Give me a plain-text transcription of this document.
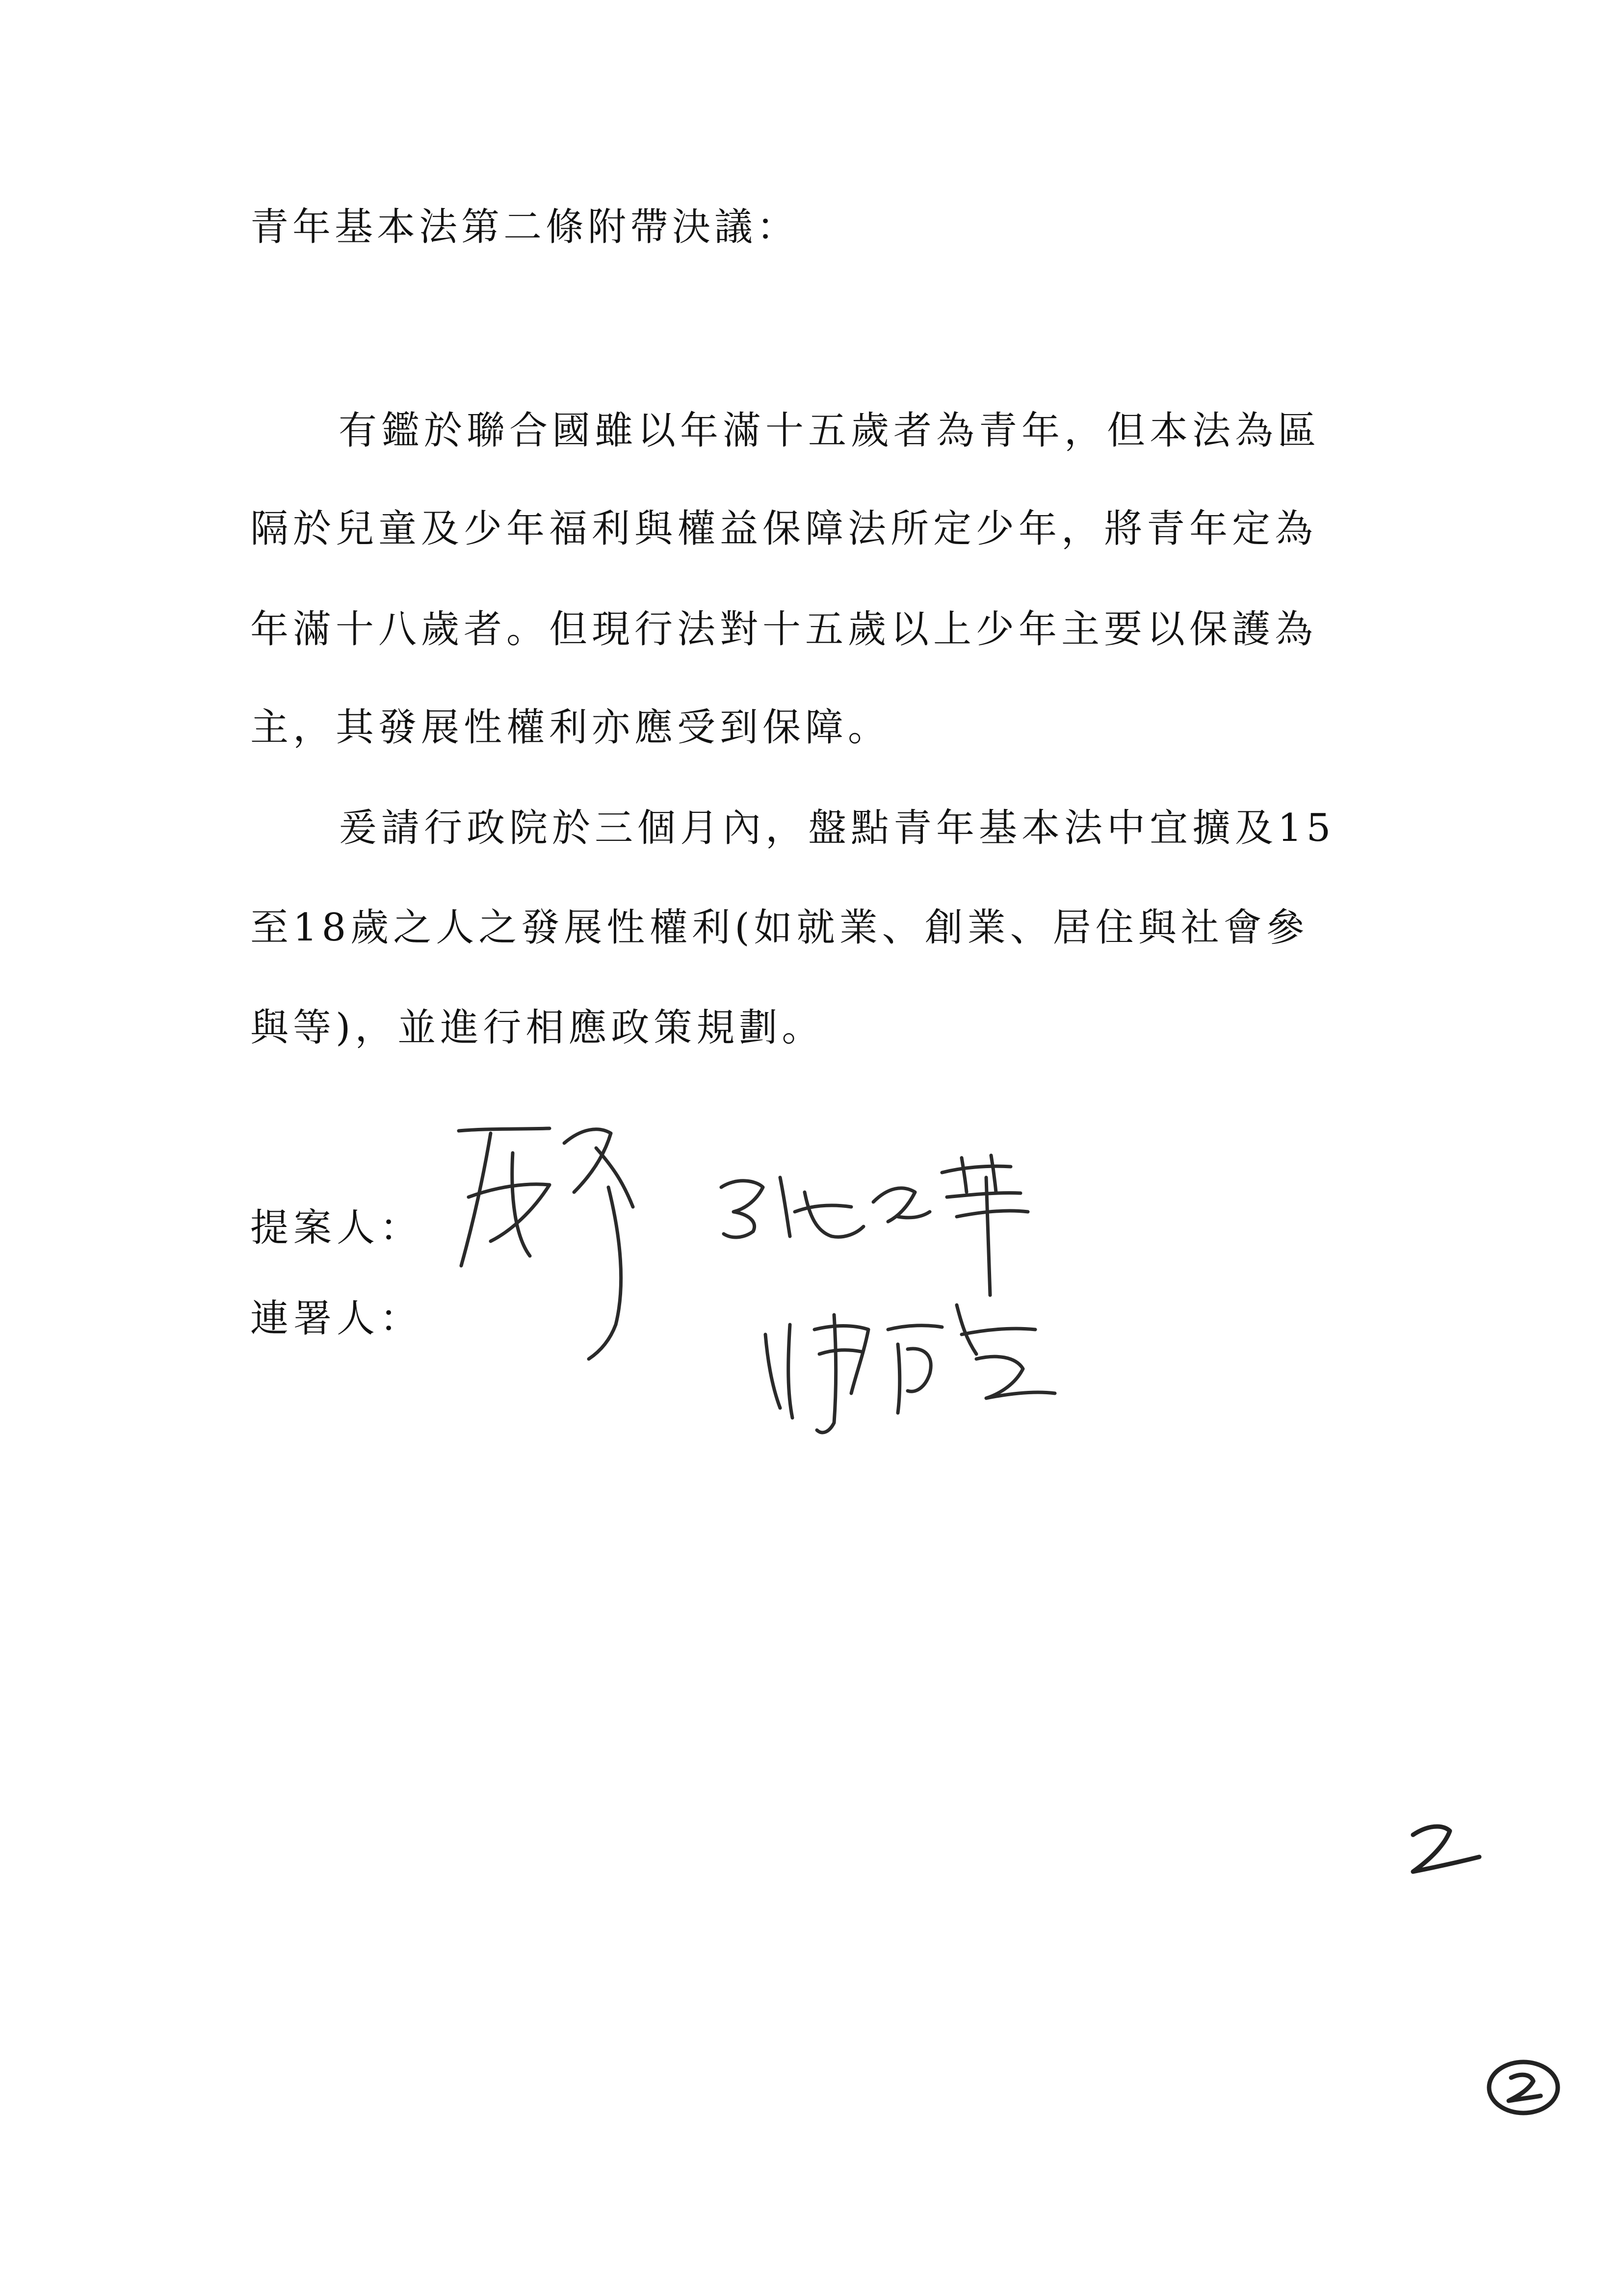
青年基本法第二條附帶決議：
有鑑於聯合國雖以年滿十五歲者為青年，但本法為區
隔於兒童及少年福利與權益保障法所定少年，將青年定為
年滿十八歲者。但現行法對十五歲以上少年主要以保護為
主，其發展性權利亦應受到保障。
爰請行政院於三個月內，盤點青年基本法中宜擴及15
至18歲之人之發展性權利(如就業、創業、居住與社會參
與等)，並進行相應政策規劃。
提案人：
連署人：
